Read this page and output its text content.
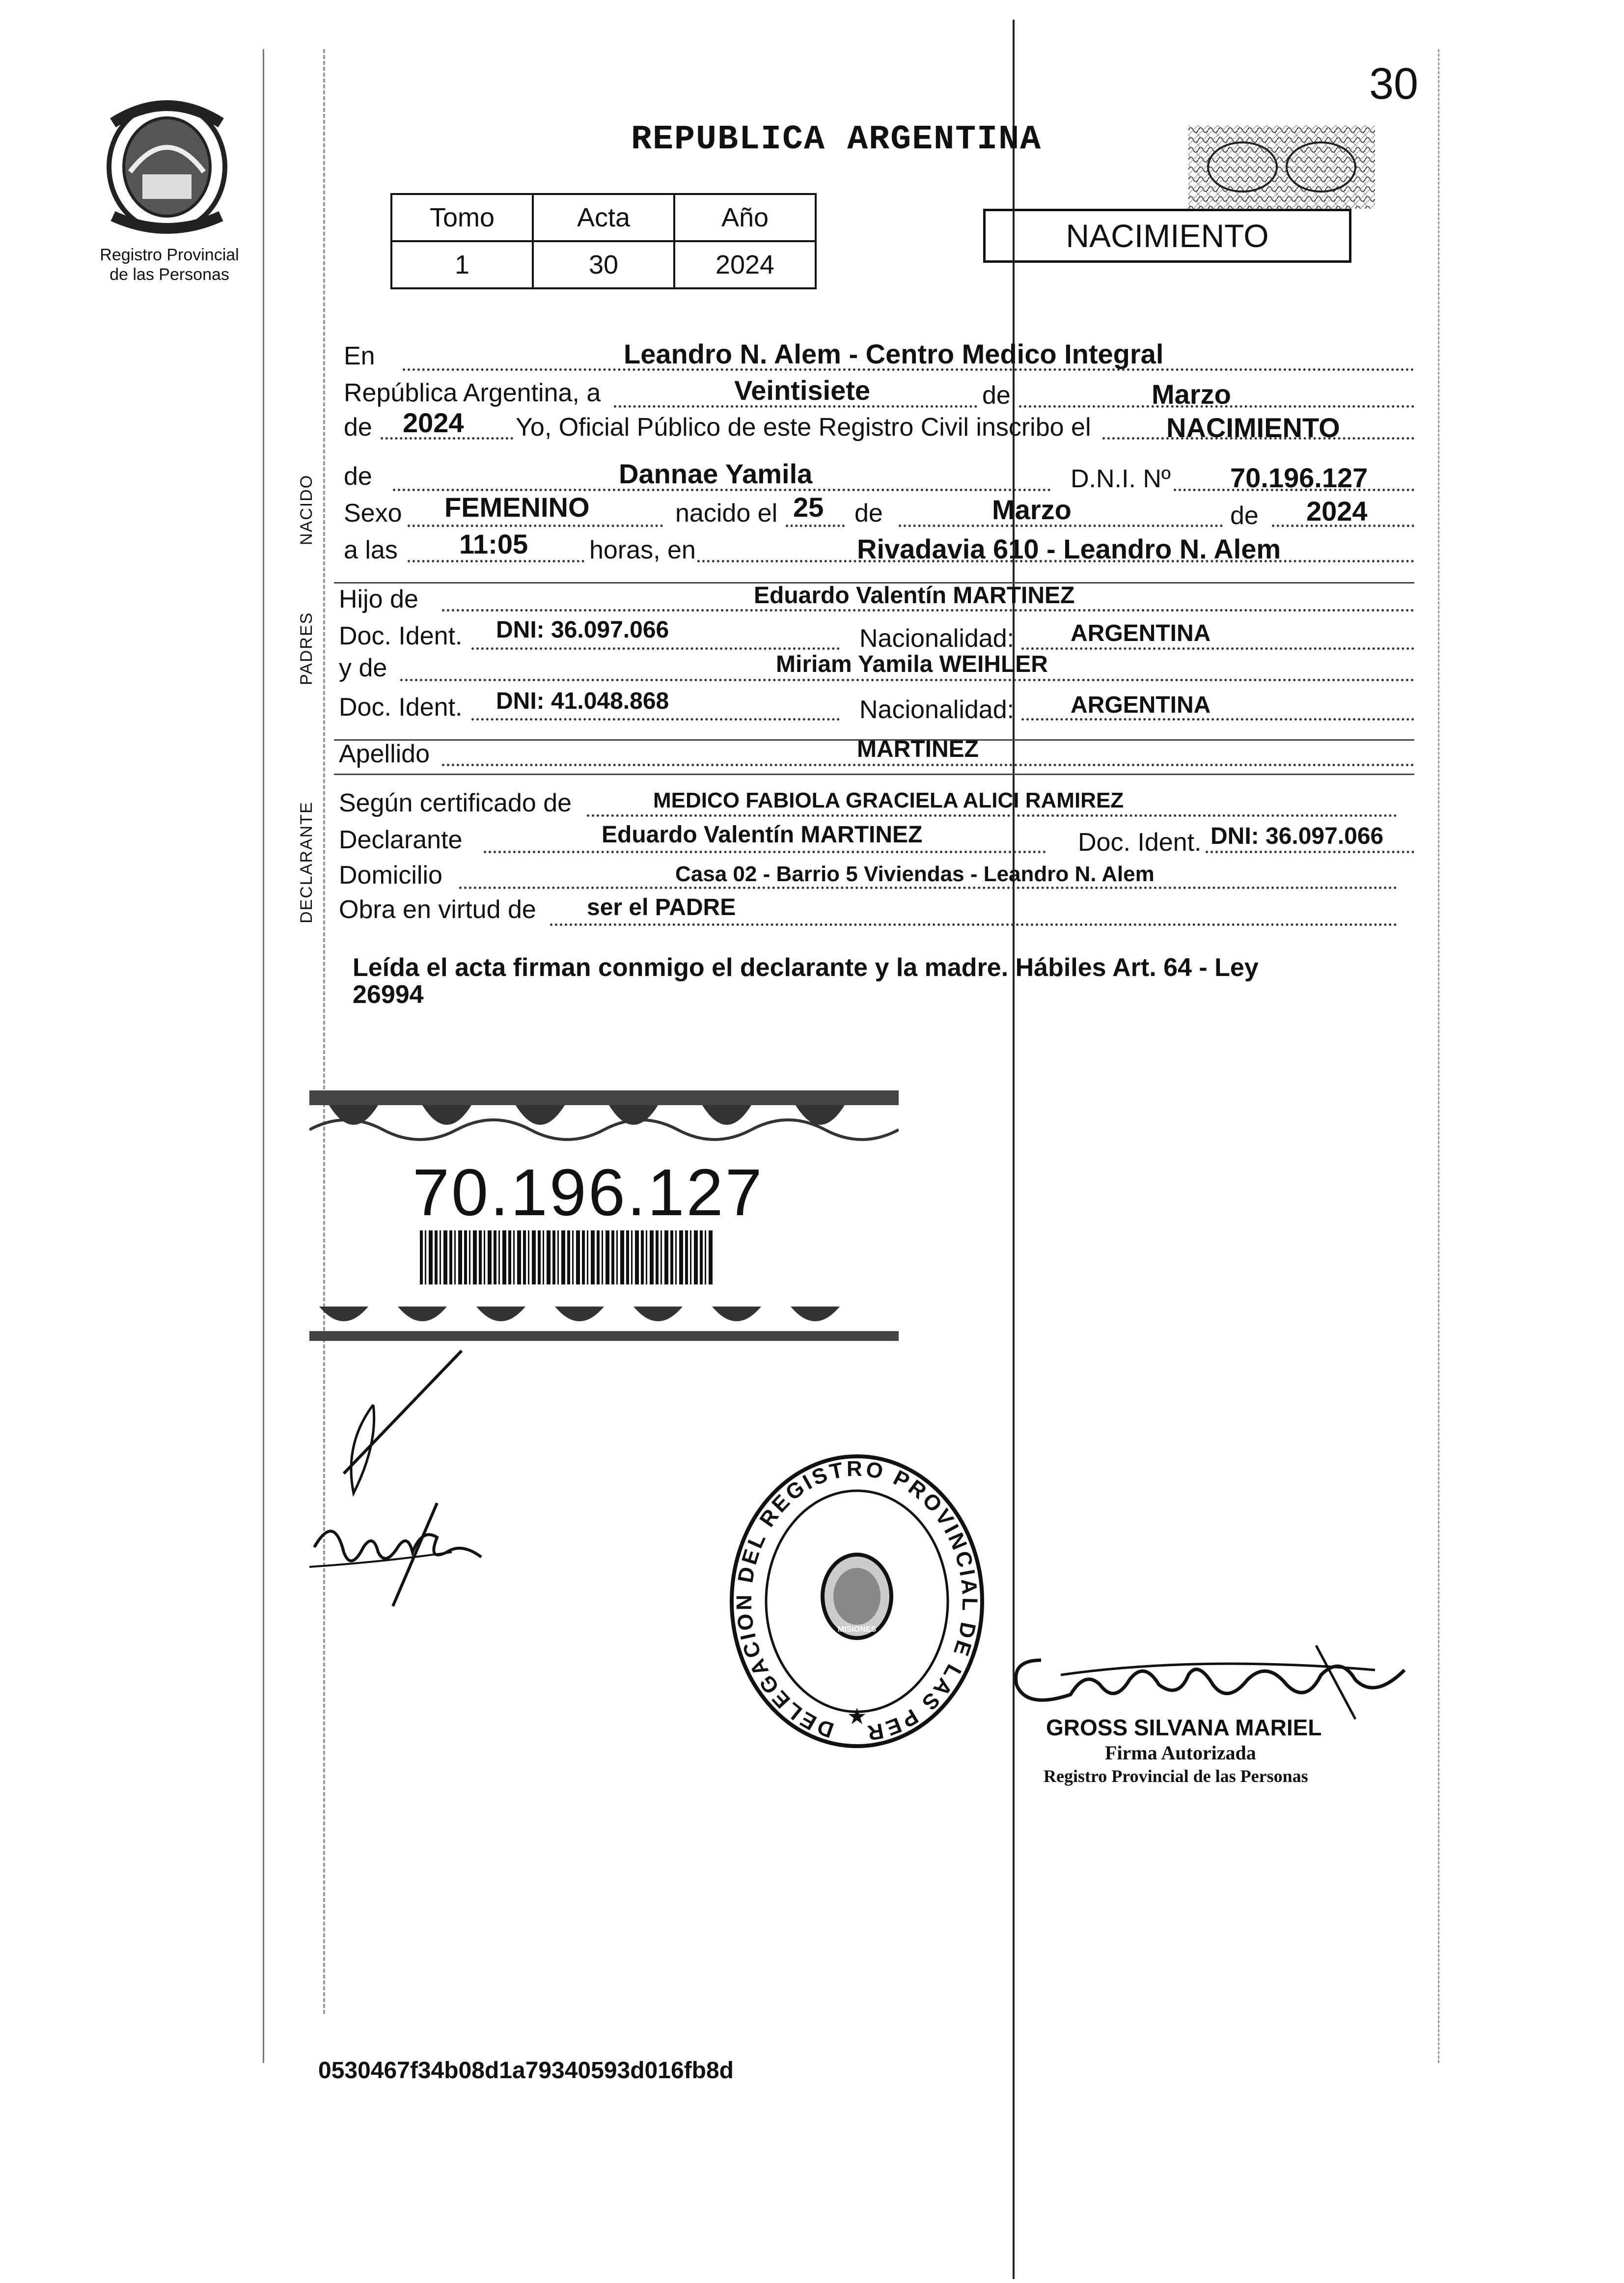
30
Registro Provincial
de las Personas
REPUBLICA ARGENTINA
Tomo	Acta	Año
1	30	2024
NACIMIENTO
NACIDO
PADRES
DECLARANTE
En	Leandro N. Alem - Centro Medico Integral
República Argentina, a	Veintisiete	de	Marzo
de 2024 Yo, Oficial Público de este Registro Civil inscribo el	NACIMIENTO
de	Dannae Yamila	D.N.I. Nº 70.196.127
Sexo FEMENINO	nacido el 25 de	Marzo	de 2024
a las 11:05 horas, en	Rivadavia 610 - Leandro N. Alem
Hijo de	Eduardo Valentín MARTINEZ
Doc. Ident. DNI: 36.097.066	Nacionalidad: ARGENTINA
y de	Miriam Yamila WEIHLER
Doc. Ident. DNI: 41.048.868	Nacionalidad: ARGENTINA
Apellido	MARTINEZ
Según certificado de	MEDICO FABIOLA GRACIELA ALICI RAMIREZ
Declarante	Eduardo Valentín MARTINEZ	Doc. Ident. DNI: 36.097.066
Domicilio	Casa 02 - Barrio 5 Viviendas - Leandro N. Alem
Obra en virtud de ser el PADRE
Leída el acta firman conmigo el declarante y la madre. Hábiles Art. 64 - Ley
26994
70.196.127
DELEGACION DEL REGISTRO PROVINCIAL DE LAS PER
MISIONES
★	GROSS SILVANA MARIEL
Firma Autorizada
Registro Provincial de las Personas
0530467f34b08d1a79340593d016fb8d
